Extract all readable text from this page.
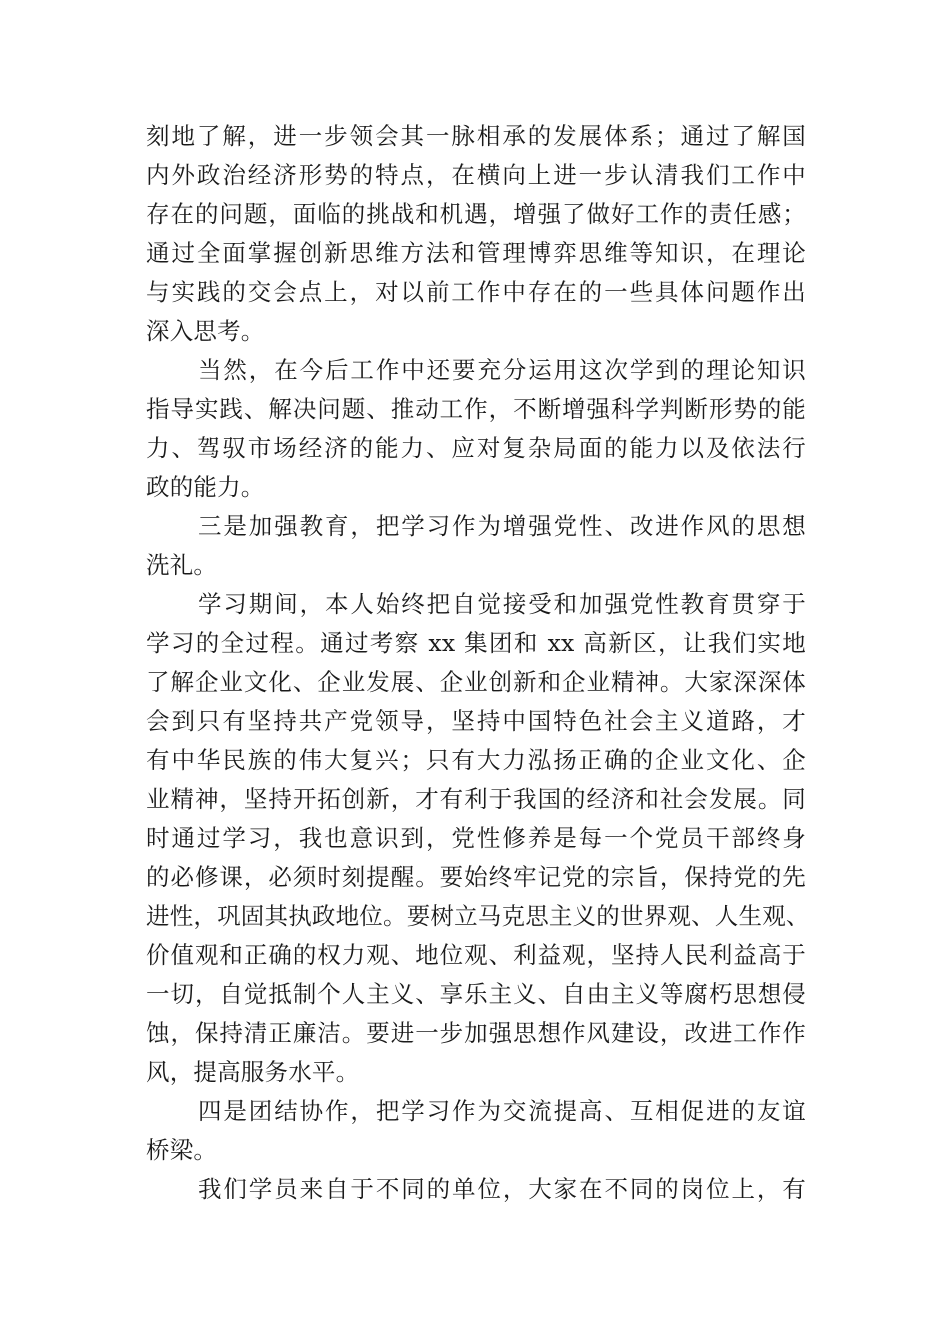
刻地了解，进一步领会其一脉相承的发展体系；通过了解国
内外政治经济形势的特点，在横向上进一步认清我们工作中
存在的问题，面临的挑战和机遇，增强了做好工作的责任感；
通过全面掌握创新思维方法和管理博弈思维等知识，在理论
与实践的交会点上，对以前工作中存在的一些具体问题作出
深入思考。
当然，在今后工作中还要充分运用这次学到的理论知识
指导实践、解决问题、推动工作，不断增强科学判断形势的能
力、驾驭市场经济的能力、应对复杂局面的能力以及依法行
政的能力。
三是加强教育，把学习作为增强党性、改进作风的思想
洗礼。
学习期间，本人始终把自觉接受和加强党性教育贯穿于
学习的全过程。通过考察 xx 集团和 xx 高新区，让我们实地
了解企业文化、企业发展、企业创新和企业精神。大家深深体
会到只有坚持共产党领导，坚持中国特色社会主义道路，才
有中华民族的伟大复兴；只有大力泓扬正确的企业文化、企
业精神，坚持开拓创新，才有利于我国的经济和社会发展。同
时通过学习，我也意识到，党性修养是每一个党员干部终身
的必修课，必须时刻提醒。要始终牢记党的宗旨，保持党的先
进性，巩固其执政地位。要树立马克思主义的世界观、人生观、
价值观和正确的权力观、地位观、利益观，坚持人民利益高于
一切，自觉抵制个人主义、享乐主义、自由主义等腐朽思想侵
蚀，保持清正廉洁。要进一步加强思想作风建设，改进工作作
风，提高服务水平。
四是团结协作，把学习作为交流提高、互相促进的友谊
桥梁。
我们学员来自于不同的单位，大家在不同的岗位上，有
